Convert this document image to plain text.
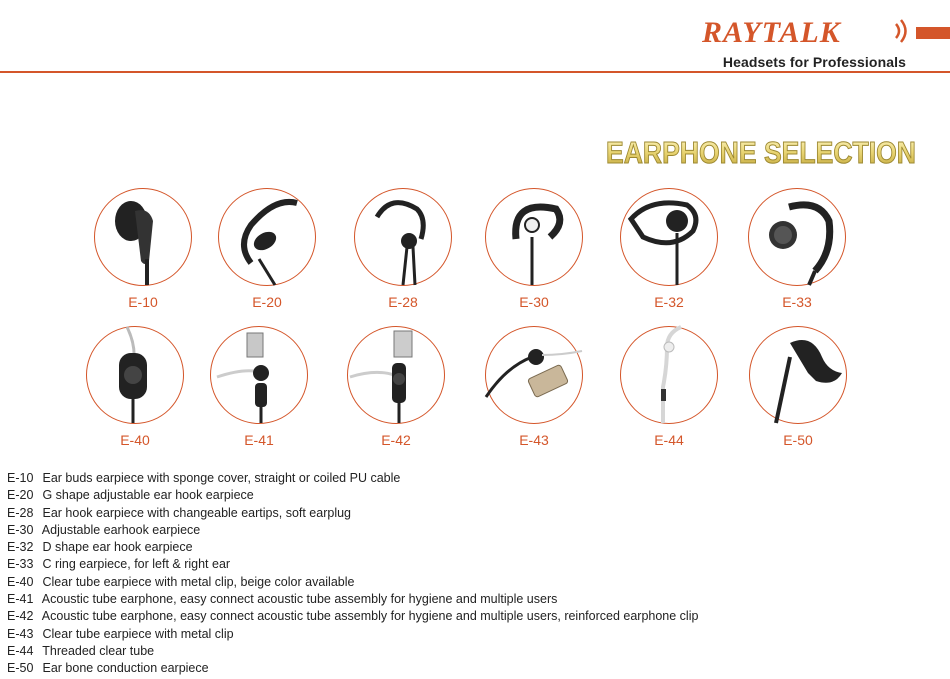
RAYTALK
Headsets for Professionals
EARPHONE SELECTION
E-10	E-20	E-28	E-30	E-32	E-33
E-40	E-41	E-42	E-43	E-44	E-50
E-10 Ear buds earpiece with sponge cover, straight or coiled PU cable
E-20 G shape adjustable ear hook earpiece
E-28 Ear hook earpiece with changeable eartips, soft earplug
E-30 Adjustable earhook earpiece
E-32 D shape ear hook earpiece
E-33 C ring earpiece, for left & right ear
E-40 Clear tube earpiece with metal clip, beige color available
E-41 Acoustic tube earphone, easy connect acoustic tube assembly for hygiene and multiple users
E-42 Acoustic tube earphone, easy connect acoustic tube assembly for hygiene and multiple users, reinforced earphone clip
E-43 Clear tube earpiece with metal clip
E-44 Threaded clear tube
E-50 Ear bone conduction earpiece
